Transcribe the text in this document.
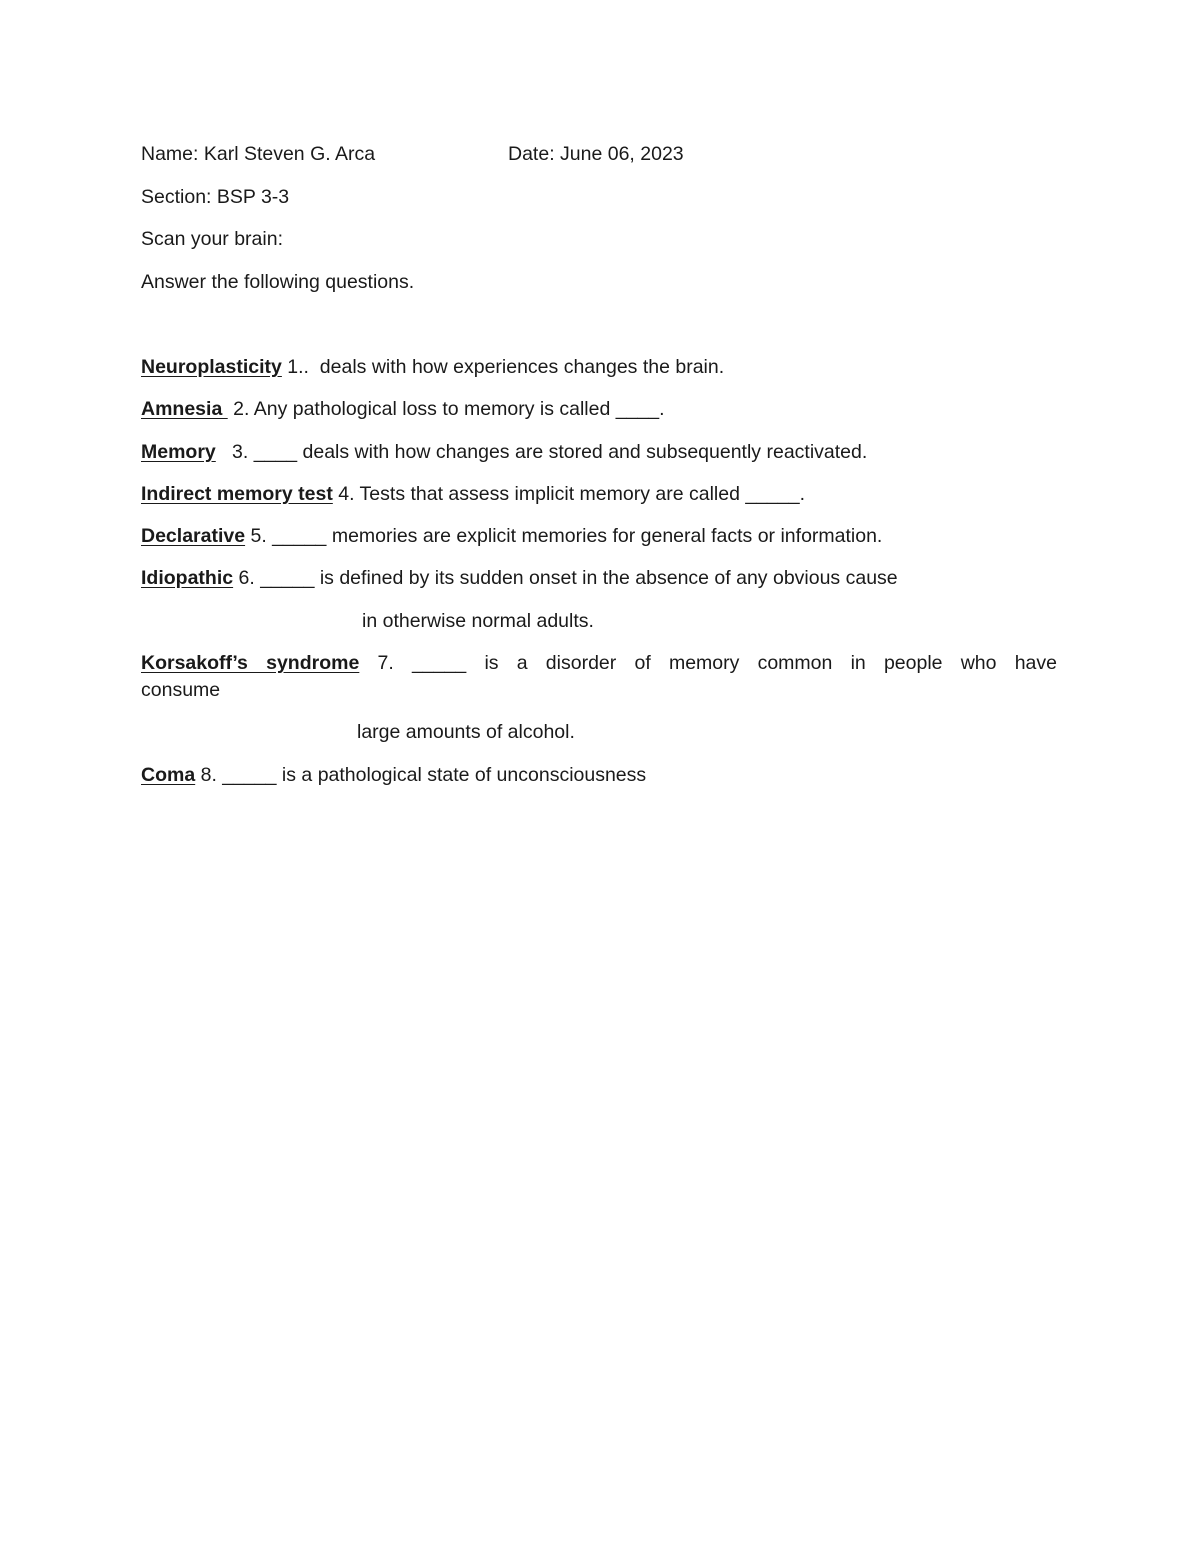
Name: Karl Steven G. Arca	Date: June 06, 2023
Section: BSP 3-3
Scan your brain:
Answer the following questions.
Neuroplasticity 1..  deals with how experiences changes the brain.
Amnesia  2. Any pathological loss to memory is called ____.
Memory   3. ____ deals with how changes are stored and subsequently reactivated.
Indirect memory test 4. Tests that assess implicit memory are called _____.
Declarative 5. _____ memories are explicit memories for general facts or information.
Idiopathic 6. _____ is defined by its sudden onset in the absence of any obvious cause
in otherwise normal adults.
Korsakoff’s syndrome 7. _____ is a disorder of memory common in people who have
consume
large amounts of alcohol.
Coma 8. _____ is a pathological state of unconsciousness
